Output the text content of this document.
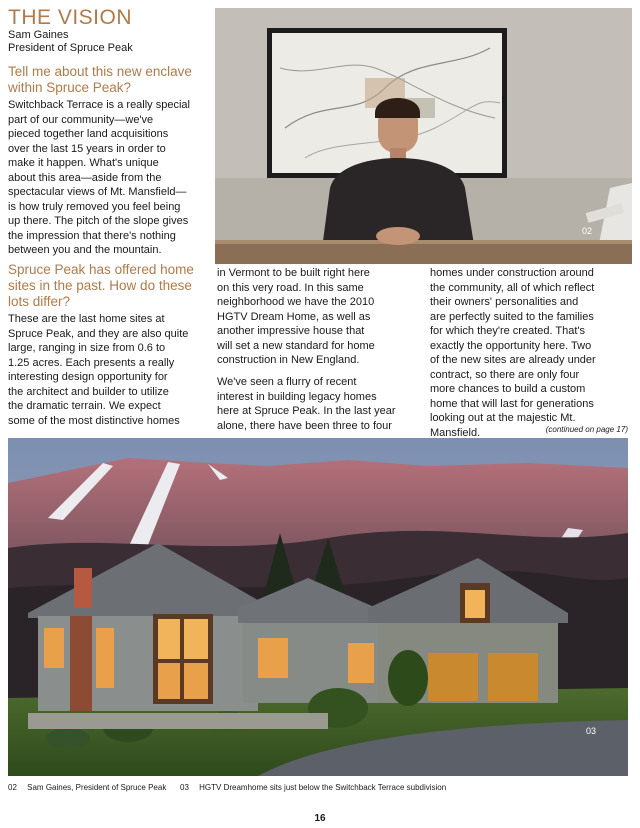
THE VISION
Sam Gaines
President of Spruce Peak
Tell me about this new enclave
within Spruce Peak?
Switchback Terrace is a really special
part of our community—we've
pieced together land acquisitions
over the last 15 years in order to
make it happen. What's unique
about this area—aside from the
spectacular views of Mt. Mansfield—
is how truly removed you feel being
up there. The pitch of the slope gives
the impression that there's nothing
between you and the mountain.
02
Spruce Peak has offered home
sites in the past. How do these
lots differ?
These are the last home sites at
Spruce Peak, and they are also quite
large, ranging in size from 0.6 to
1.25 acres. Each presents a really
interesting design opportunity for
the architect and builder to utilize
the dramatic terrain. We expect
some of the most distinctive homes
in Vermont to be built right here
on this very road. In this same
neighborhood we have the 2010
HGTV Dream Home, as well as
another impressive house that
will set a new standard for home
construction in New England.
We've seen a flurry of recent
interest in building legacy homes
here at Spruce Peak. In the last year
alone, there have been three to four
homes under construction around
the community, all of which reflect
their owners' personalities and
are perfectly suited to the families
for which they're created. That's
exactly the opportunity here. Two
of the new sites are already under
contract, so there are only four
more chances to build a custom
home that will last for generations
looking out at the majestic Mt.
Mansfield.	(continued on page 17)
03
02 Sam Gaines, President of Spruce Peak 03 HGTV Dreamhome sits just below the Switchback Terrace subdivision
16
